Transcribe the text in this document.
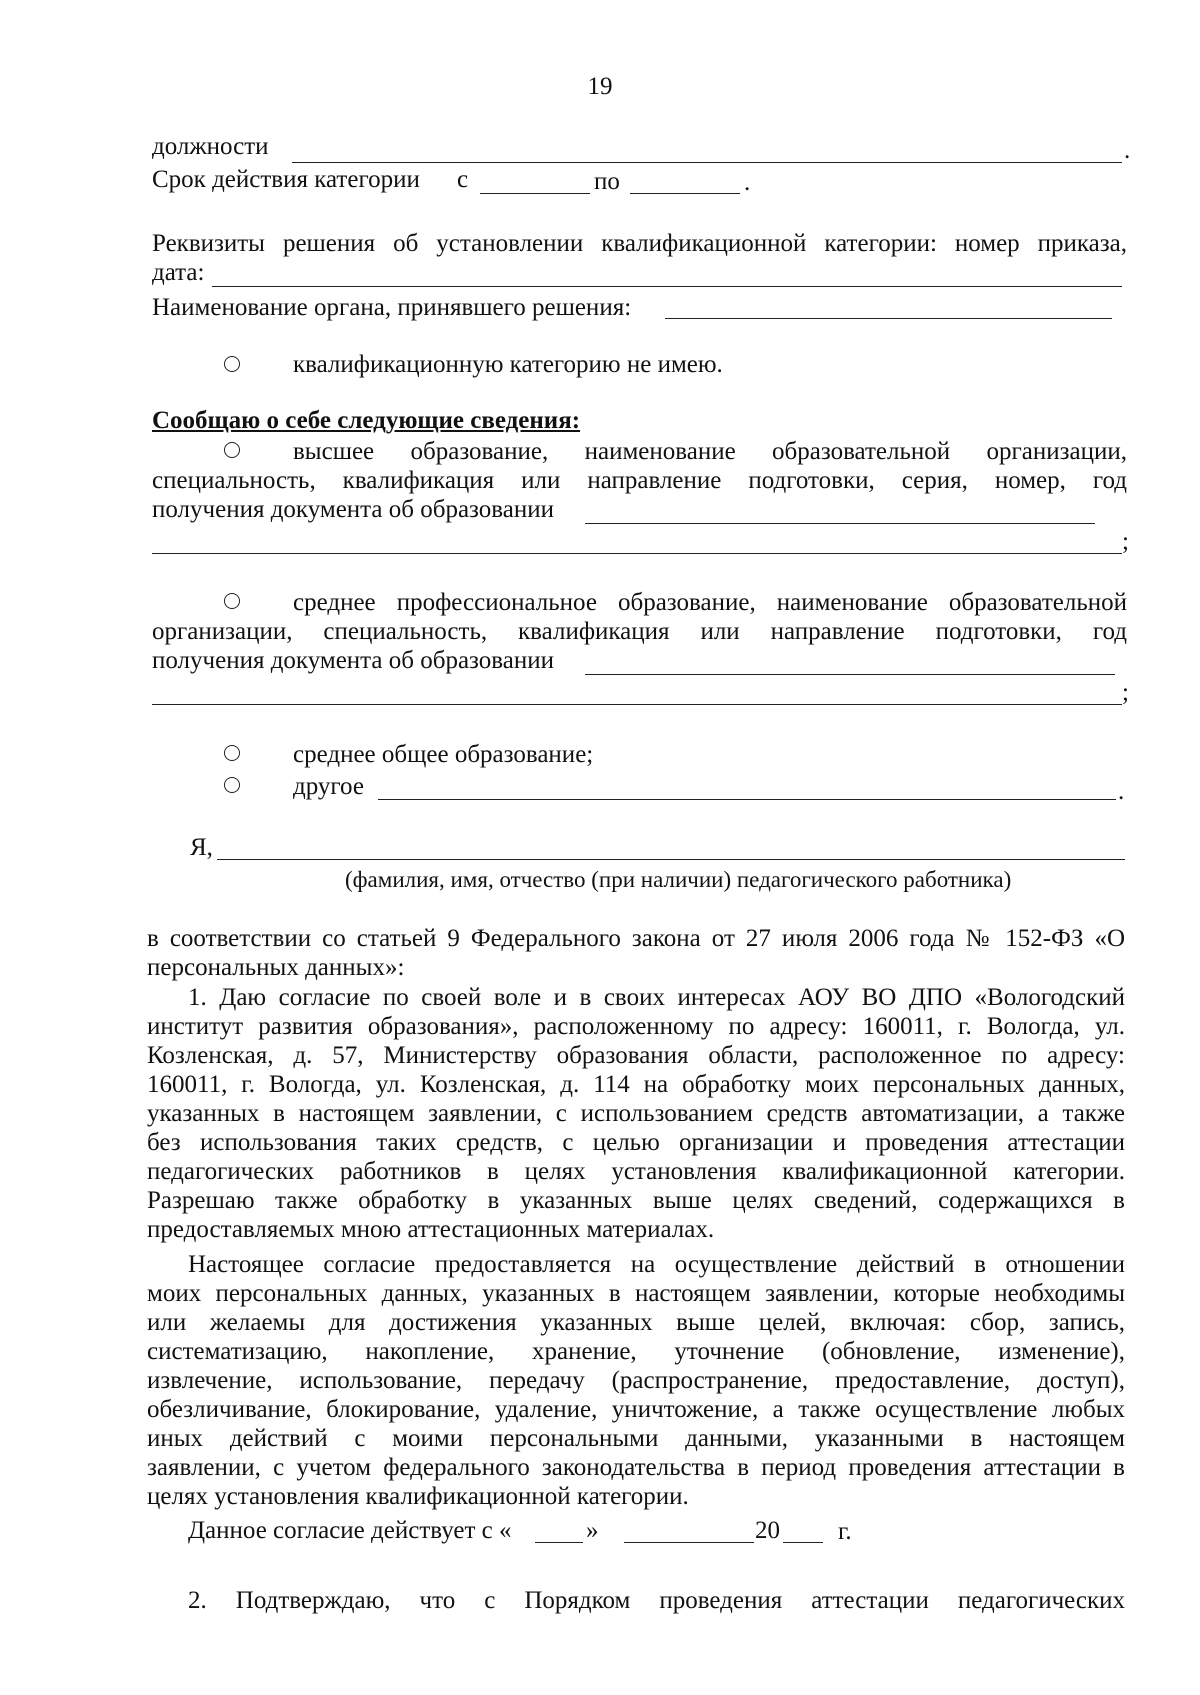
19
должности	.
Срок действия категории с	по	.
Реквизиты решения об установлении квалификационной категории: номер приказа,
дата:
Наименование органа, принявшего решения:
квалификационную категорию не имею.
Сообщаю о себе следующие сведения:
высшее образование, наименование образовательной организации,
специальность, квалификация или направление подготовки, серия, номер, год
получения документа об образовании
;
среднее профессиональное образование, наименование образовательной
организации, специальность, квалификация или направление подготовки, год
получения документа об образовании
;
среднее общее образование;
другое	.
Я,
(фамилия, имя, отчество (при наличии) педагогического работника)
в соответствии со статьей 9 Федерального закона от 27 июля 2006 года № 152-ФЗ «О
персональных данных»:
1. Даю согласие по своей воле и в своих интересах АОУ ВО ДПО «Вологодский
институт развития образования», расположенному по адресу: 160011, г. Вологда, ул.
Козленская, д. 57, Министерству образования области, расположенное по адресу:
160011, г. Вологда, ул. Козленская, д. 114 на обработку моих персональных данных,
указанных в настоящем заявлении, с использованием средств автоматизации, а также
без использования таких средств, с целью организации и проведения аттестации
педагогических работников в целях установления квалификационной категории.
Разрешаю также обработку в указанных выше целях сведений, содержащихся в
предоставляемых мною аттестационных материалах.
Настоящее согласие предоставляется на осуществление действий в отношении
моих персональных данных, указанных в настоящем заявлении, которые необходимы
или желаемы для достижения указанных выше целей, включая: сбор, запись,
систематизацию, накопление, хранение, уточнение (обновление, изменение),
извлечение, использование, передачу (распространение, предоставление, доступ),
обезличивание, блокирование, удаление, уничтожение, а также осуществление любых
иных действий с моими персональными данными, указанными в настоящем
заявлении, с учетом федерального законодательства в период проведения аттестации в
целях установления квалификационной категории.
Данное согласие действует с «	»	20 г.
2. Подтверждаю, что с Порядком проведения аттестации педагогических
